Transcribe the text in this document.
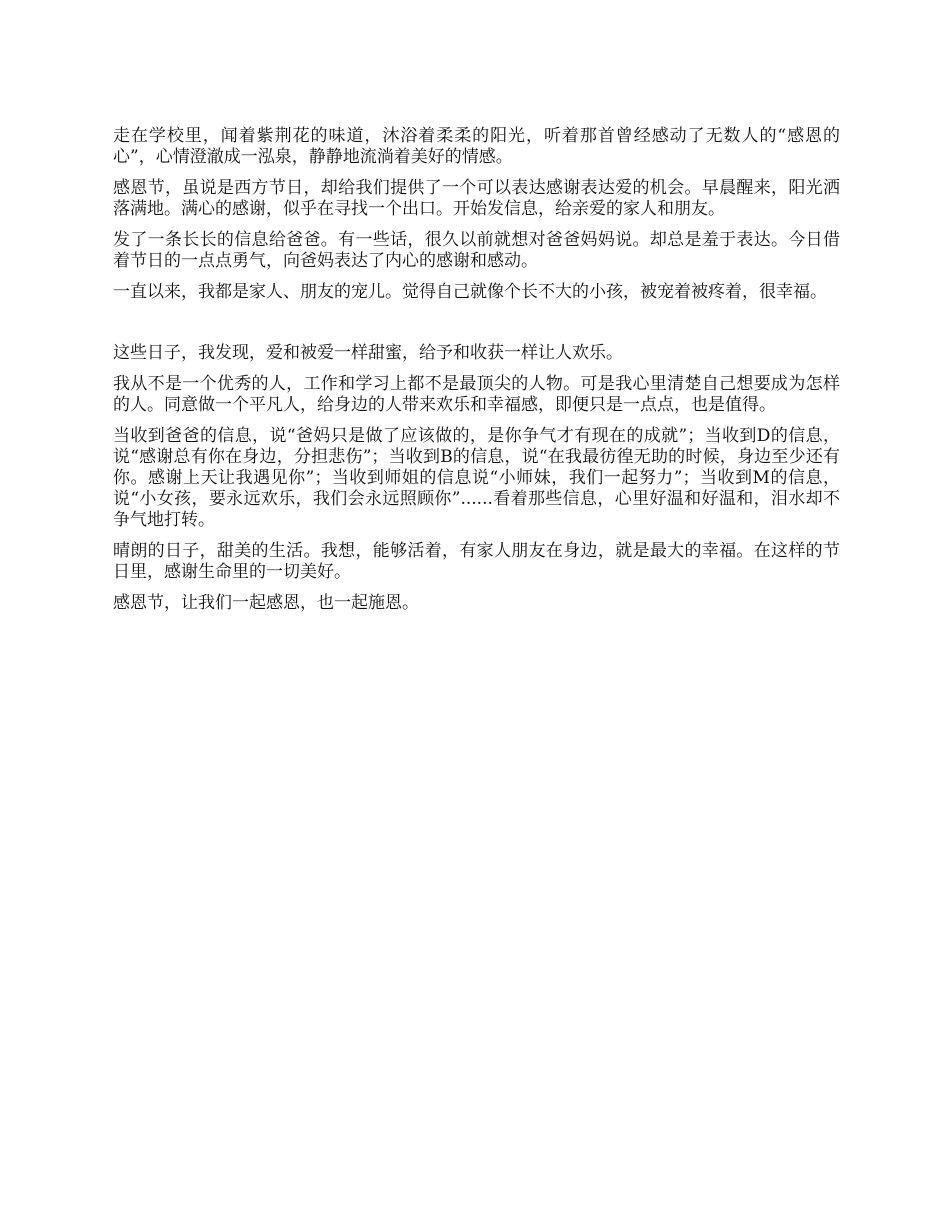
走在学校里，闻着紫荆花的味道，沐浴着柔柔的阳光，听着那首曾经感动了无数人的“感恩的心”，心情澄澈成一泓泉，静静地流淌着美好的情感。

感恩节，虽说是西方节日，却给我们提供了一个可以表达感谢表达爱的机会。早晨醒来，阳光洒落满地。满心的感谢，似乎在寻找一个出口。开始发信息，给亲爱的家人和朋友。

发了一条长长的信息给爸爸。有一些话，很久以前就想对爸爸妈妈说。却总是羞于表达。今日借着节日的一点点勇气，向爸妈表达了内心的感谢和感动。

一直以来，我都是家人、朋友的宠儿。觉得自己就像个长不大的小孩，被宠着被疼着，很幸福。

这些日子，我发现，爱和被爱一样甜蜜，给予和收获一样让人欢乐。

我从不是一个优秀的人，工作和学习上都不是最顶尖的人物。可是我心里清楚自己想要成为怎样的人。同意做一个平凡人，给身边的人带来欢乐和幸福感，即便只是一点点，也是值得。

当收到爸爸的信息，说“爸妈只是做了应该做的，是你争气才有现在的成就”；当收到D的信息，说“感谢总有你在身边，分担悲伤”；当收到B的信息，说“在我最彷徨无助的时候，身边至少还有你。感谢上天让我遇见你”；当收到师姐的信息说“小师妹，我们一起努力”；当收到M的信息，说“小女孩，要永远欢乐，我们会永远照顾你”......看着那些信息，心里好温和好温和，泪水却不争气地打转。

晴朗的日子，甜美的生活。我想，能够活着，有家人朋友在身边，就是最大的幸福。在这样的节日里，感谢生命里的一切美好。

感恩节，让我们一起感恩，也一起施恩。
